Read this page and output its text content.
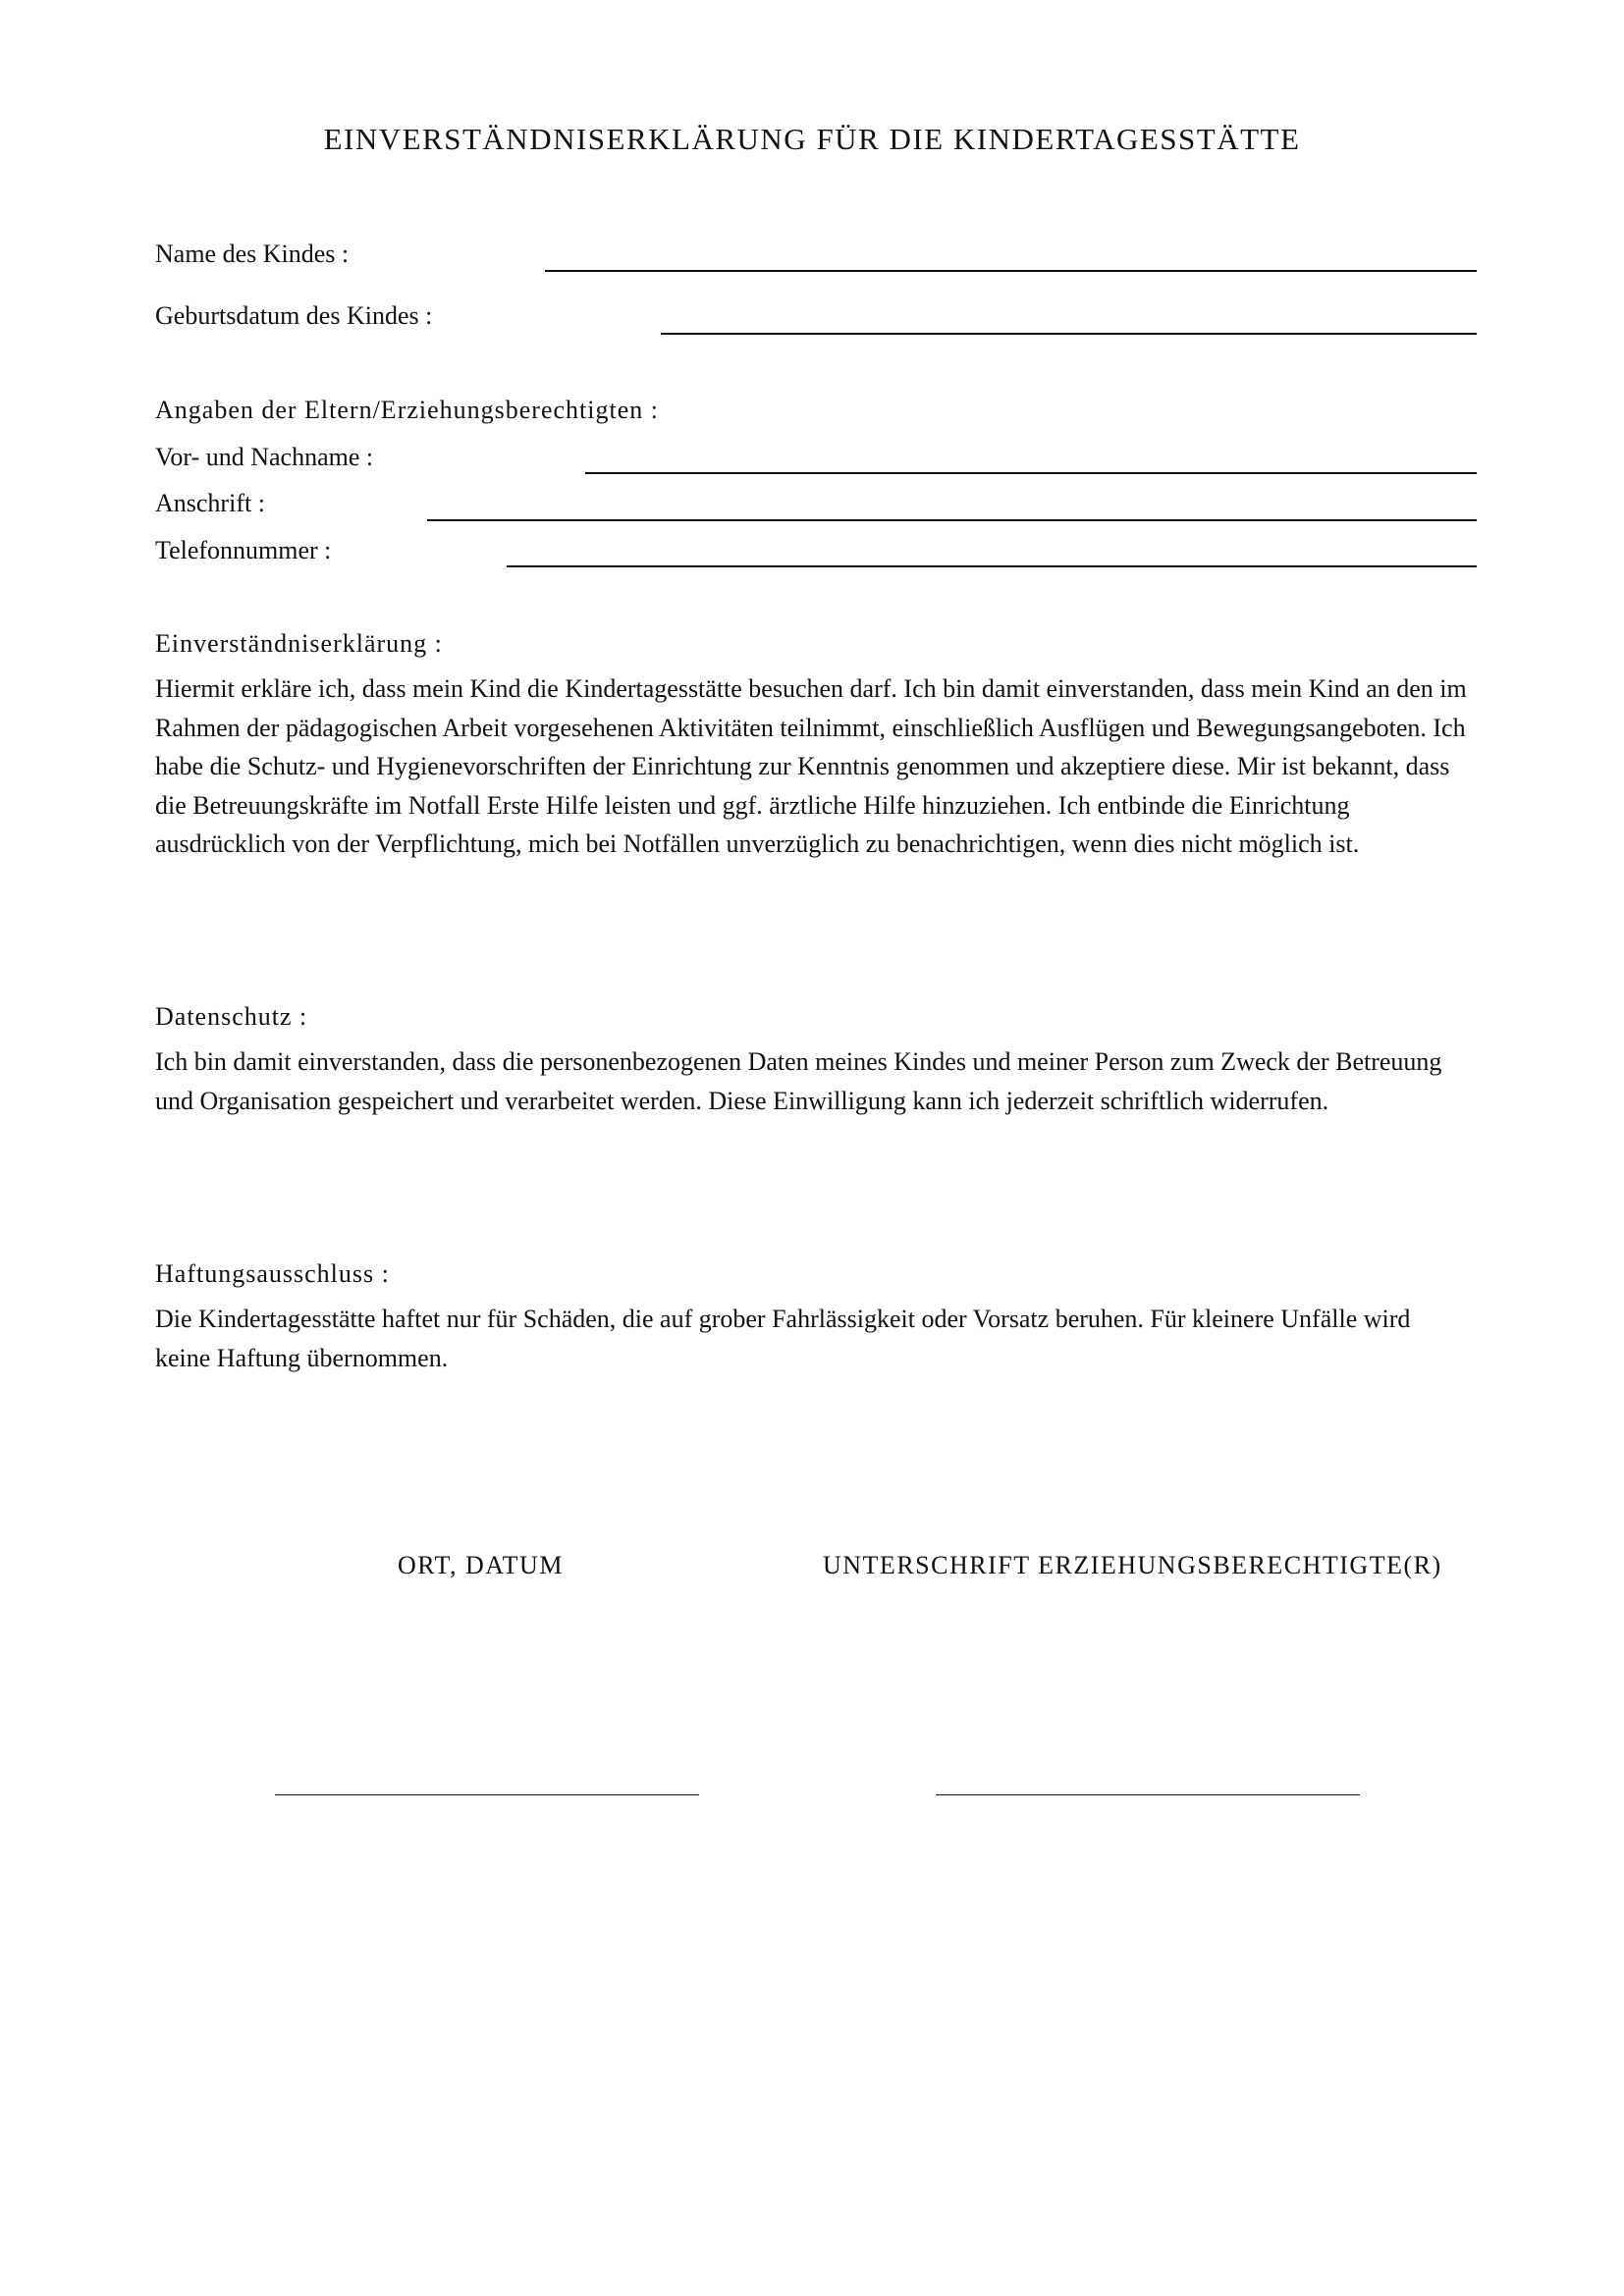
EINVERSTÄNDNISERKLÄRUNG FÜR DIE KINDERTAGESSTÄTTE
Name des Kindes :
Geburtsdatum des Kindes :
Angaben der Eltern/Erziehungsberechtigten :
Vor- und Nachname :
Anschrift :
Telefonnummer :
Einverständniserklärung :
Hiermit erkläre ich, dass mein Kind die Kindertagesstätte besuchen darf. Ich bin damit einverstanden, dass mein Kind an den im Rahmen der pädagogischen Arbeit vorgesehenen Aktivitäten teilnimmt, einschließlich Ausflügen und Bewegungsangeboten. Ich habe die Schutz- und Hygienevorschriften der Einrichtung zur Kenntnis genommen und akzeptiere diese. Mir ist bekannt, dass die Betreuungskräfte im Notfall Erste Hilfe leisten und ggf. ärztliche Hilfe hinzuziehen. Ich entbinde die Einrichtung ausdrücklich von der Verpflichtung, mich bei Notfällen unverzüglich zu benachrichtigen, wenn dies nicht möglich ist.
Datenschutz :
Ich bin damit einverstanden, dass die personenbezogenen Daten meines Kindes und meiner Person zum Zweck der Betreuung und Organisation gespeichert und verarbeitet werden. Diese Einwilligung kann ich jederzeit schriftlich widerrufen.
Haftungsausschluss :
Die Kindertagesstätte haftet nur für Schäden, die auf grober Fahrlässigkeit oder Vorsatz beruhen. Für kleinere Unfälle wird keine Haftung übernommen.
ORT, DATUM	UNTERSCHRIFT ERZIEHUNGSBERECHTIGTE(R)
